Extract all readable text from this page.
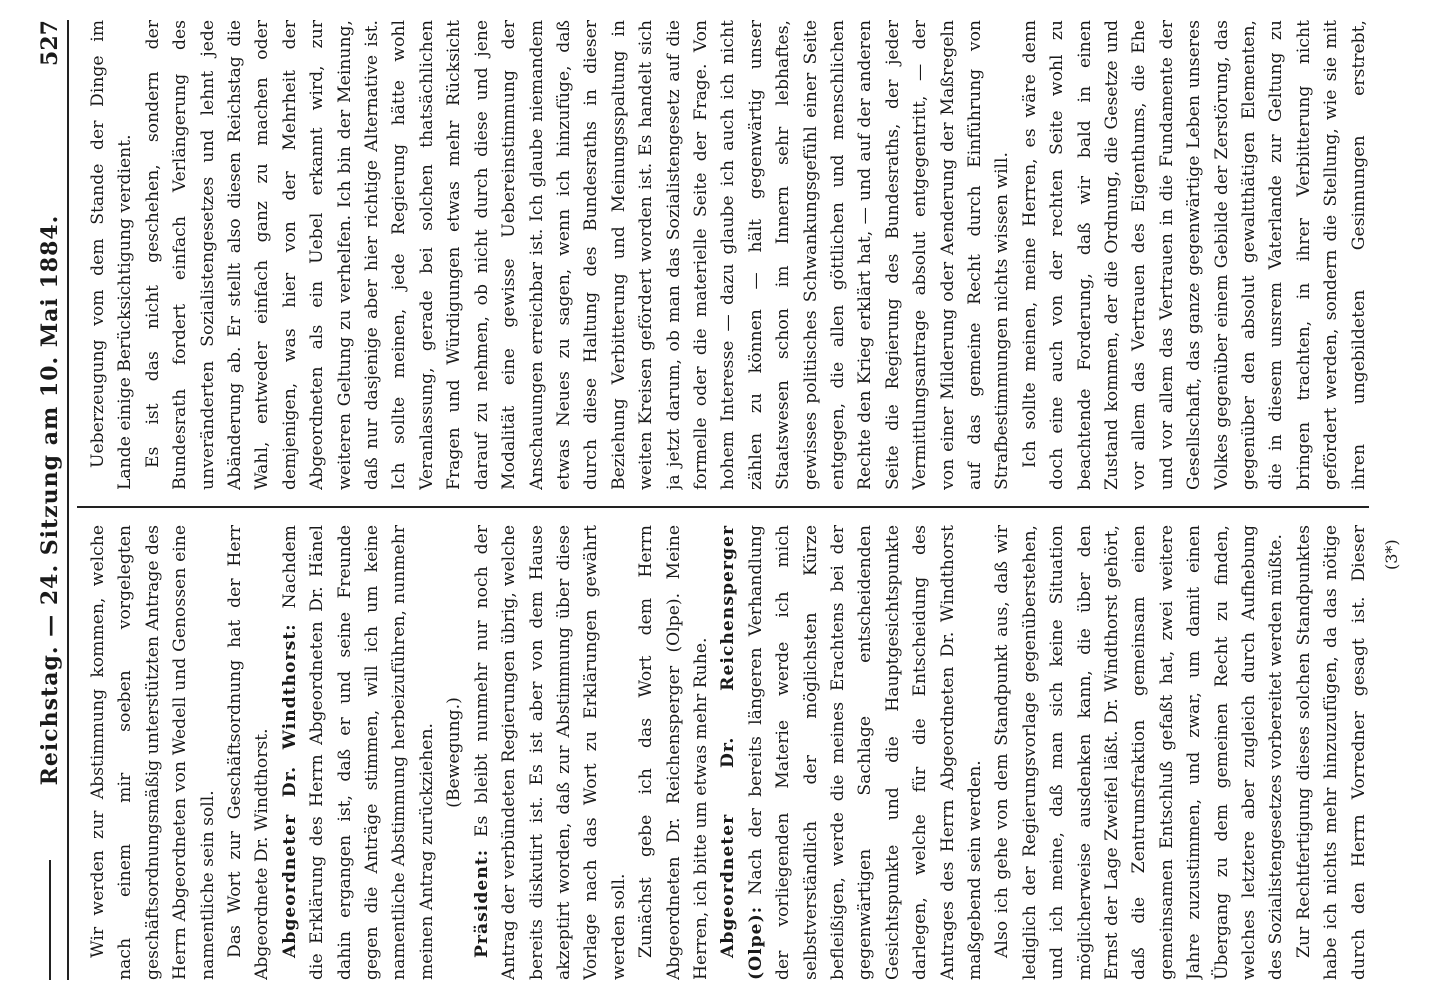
Reichstag. — 24. Sitzung am 10. Mai 1884.
527

Wir werden zur Abstimmung kommen, welche nach einem mir soeben vorgelegten geschäftsordnungsmäßig unterstützten Antrage des Herrn Abgeordneten von Wedell und Genossen eine namentliche sein soll. Das Wort zur Geschäftsordnung hat der Herr Abgeordnete Dr. Windthorst. Abgeordneter Dr. Windthorst: Nachdem die Erklärung des Herrn Abgeordneten Dr. Hänel dahin ergangen ist, daß er und seine Freunde gegen die Anträge stimmen, will ich um keine namentliche Abstimmung herbeizuführen, nunmehr meinen Antrag zurückziehen. (Bewegung.)

Präsident: Es bleibt nunmehr nur noch der Antrag der verbündeten Regierungen übrig, welche bereits diskutirt ist. Es ist aber von dem Hause akzeptirt worden, daß zur Abstimmung über diese Vorlage nach das Wort zu Erklärungen gewährt werden soll. Zunächst gebe ich das Wort dem Herrn Abgeordneten Dr. Reichensperger (Olpe). Meine Herren, ich bitte um etwas mehr Ruhe. Abgeordneter Dr. Reichensperger (Olpe): Nach der bereits längeren Verhandlung der vorliegenden Materie werde ich mich selbstverständlich der möglichsten Kürze befleißigen, werde die meines Erachtens bei der gegenwärtigen Sachlage entscheidenden Gesichtspunkte und die Hauptgesichtspunkte darlegen, welche für die Entscheidung des Antrages des Herrn Abgeordneten Dr. Windthorst maßgebend sein werden. Also ich gehe von dem Standpunkt aus, daß wir lediglich der Regierungsvorlage gegenüberstehen, und ich meine, daß man sich keine Situation möglicherweise ausdenken kann, die über den Ernst der Lage Zweifel läßt. Dr. Windthorst gehört, daß die Zentrumsfraktion gemeinsam einen gemeinsamen Entschluß gefaßt hat, zwei weitere Jahre zuzustimmen, und zwar, um damit einen Übergang zu dem gemeinen Recht zu finden, welches letztere aber zugleich durch Aufhebung des Sozialistengesetzes vorbereitet werden müßte. Zur Rechtfertigung dieses solchen Standpunktes habe ich nichts mehr hinzuzufügen, da das nötige durch den Herrn Vorredner gesagt ist. Dieser

Ueberzeugung vom dem Stande der Dinge im Lande einige Berücksichtigung verdient. Es ist das nicht geschehen, sondern der Bundesrath fordert einfach Verlängerung des unveränderten Sozialistengesetzes und lehnt jede Abänderung ab. Er stellt also diesen Reichstag die Wahl, entweder einfach ganz zu machen oder demjenigen, was hier von der Mehrheit der Abgeordneten als ein Uebel erkannt wird, zur weiteren Geltung zu verhelfen. Ich bin der Meinung, daß nur dasjenige aber hier richtige Alternative ist. Ich sollte meinen, jede Regierung hätte wohl Veranlassung, gerade bei solchen thatsächlichen Fragen und Würdigungen etwas mehr Rücksicht darauf zu nehmen, ob nicht durch diese und jene Modalität eine gewisse Uebereinstimmung der Anschauungen erreichbar ist. Ich glaube niemandem etwas Neues zu sagen, wenn ich hinzufüge, daß durch diese Haltung des Bundesraths in dieser Beziehung Verbitterung und Meinungsspaltung in weiten Kreisen gefördert worden ist. Es handelt sich ja jetzt darum, ob man das Sozialistengesetz auf die formelle oder die materielle Seite der Frage. Von hohem Interesse — dazu glaube ich auch ich nicht zählen zu können — hält gegenwärtig unser Staatswesen schon im Innern sehr lebhaftes, gewisses politisches Schwankungsgefühl einer Seite entgegen, die allen göttlichen und menschlichen Rechte den Krieg erklärt hat, — und auf der anderen Seite die Regierung des Bundesraths, der jeder Vermittlungsantrage absolut entgegentritt, — der von einer Milderung oder Aenderung der Maßregeln auf das gemeine Recht durch Einführung von Strafbestimmungen nichts wissen will. Ich sollte meinen, meine Herren, es wäre denn doch eine auch von der rechten Seite wohl zu beachtende Forderung, daß wir bald in einen Zustand kommen, der die Ordnung, die Gesetze und vor allem das Vertrauen des Eigenthums, die Ehe und vor allem das Vertrauen in die Fundamente der Gesellschaft, das ganze gegenwärtige Leben unseres Volkes gegenüber einem Gebilde der Zerstörung, das gegenüber den absolut gewaltthätigen Elementen, die in diesem unsrem Vaterlande zur Geltung zu bringen trachten, in ihrer Verbitterung nicht gefördert werden, sondern die Stellung, wie sie mit ihren ungebildeten Gesinnungen erstrebt,

(3*)
